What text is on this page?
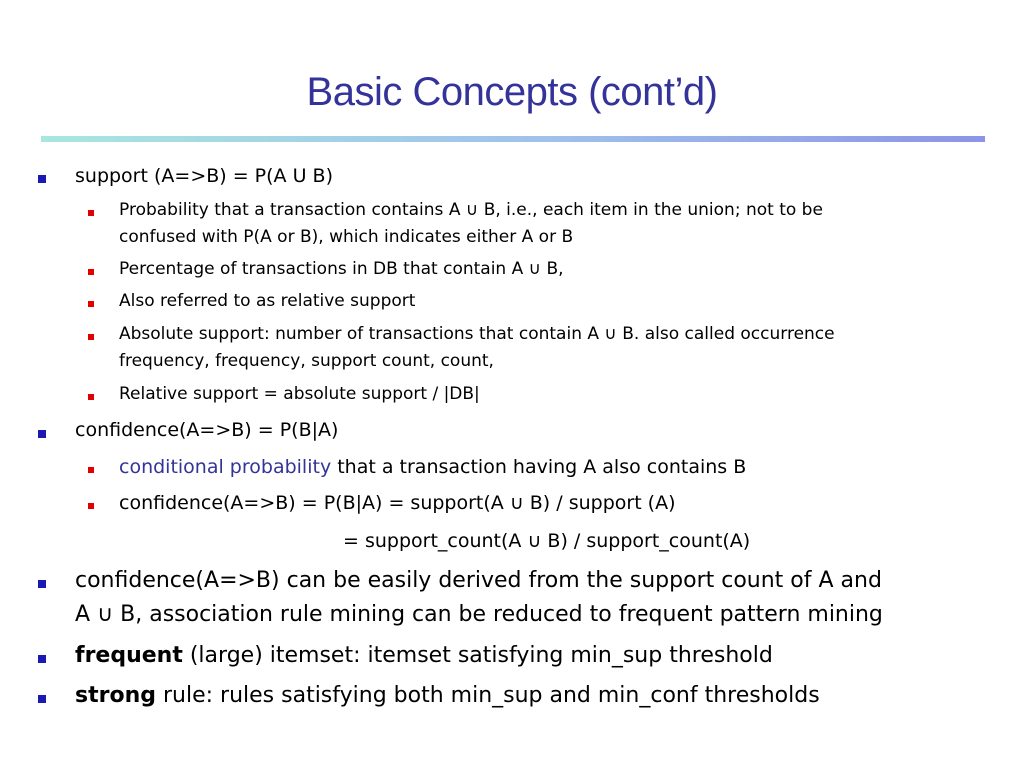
Basic Concepts (cont’d)
support (A=>B) = P(A U B)
Probability that a transaction contains A ∪ B, i.e., each item in the union; not to be
confused with P(A or B), which indicates either A or B
Percentage of transactions in DB that contain A ∪ B,
Also referred to as relative support
Absolute support: number of transactions that contain A ∪ B. also called occurrence
frequency, frequency, support count, count,
Relative support = absolute support / |DB|
confidence(A=>B) = P(B|A)
conditional probability that a transaction having A also contains B
confidence(A=>B) = P(B|A) = support(A ∪ B) / support (A)
= support_count(A ∪ B) / support_count(A)
confidence(A=>B) can be easily derived from the support count of A and
A ∪ B, association rule mining can be reduced to frequent pattern mining
frequent (large) itemset: itemset satisfying min_sup threshold
strong rule: rules satisfying both min_sup and min_conf thresholds
